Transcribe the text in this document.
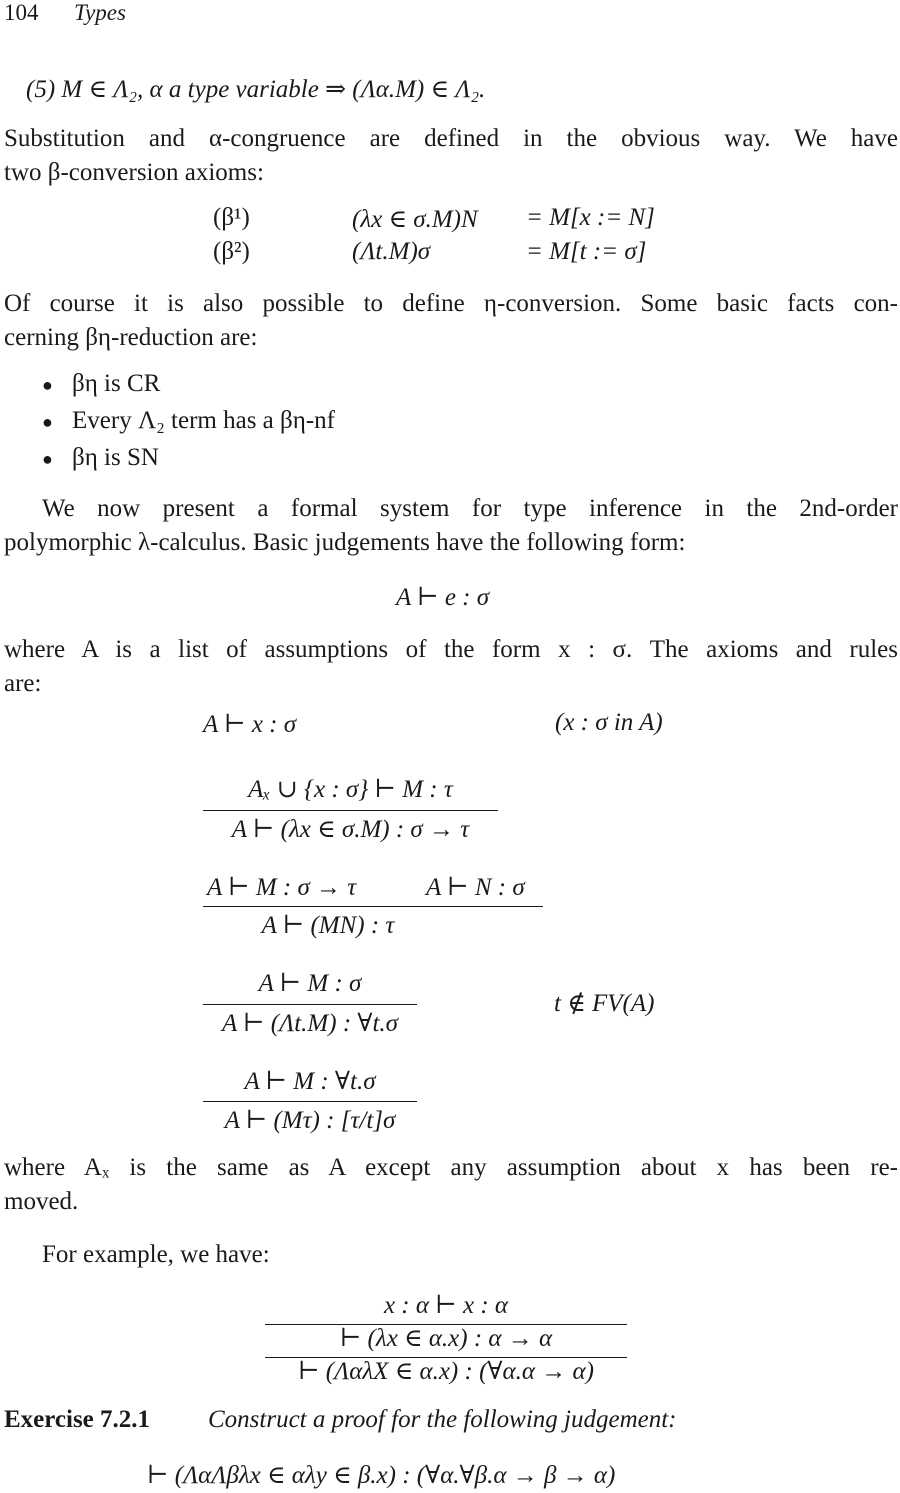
104 Types
(5) M ∈ Λ₂, α a type variable ⇒ (Λα.M) ∈ Λ₂.
Substitution and α-congruence are defined in the obvious way. We have
two β-conversion axioms:
(β¹)	(λx ∈ σ.M)N = M[x := N]
(β²)	(Λt.M)σ	= M[t := σ]
Of course it is also possible to define η-conversion. Some basic facts con-
cerning βη-reduction are:
● βη is CR
● Every Λ₂ term has a βη-nf
● βη is SN
We now present a formal system for type inference in the 2nd-order
polymorphic λ-calculus. Basic judgements have the following form:
A ⊢ e : σ
where A is a list of assumptions of the form x : σ. The axioms and rules
are:
A ⊢ x : σ	(x : σ in A)
Aₓ ∪ {x : σ} ⊢ M : τ
A ⊢ (λx ∈ σ.M) : σ → τ
A ⊢ M : σ → τ	A ⊢ N : σ
A ⊢ (MN) : τ
A ⊢ M : σ
A ⊢ (Λt.M) : ∀t.σ
t ∉ FV(A)
A ⊢ M : ∀t.σ
A ⊢ (Mτ) : [τ/t]σ
where Aₓ is the same as A except any assumption about x has been re-
moved.
For example, we have:
x : α ⊢ x : α
⊢ (λx ∈ α.x) : α → α
⊢ (ΛαλX ∈ α.x) : (∀α.α → α)
Exercise 7.2.1 Construct a proof for the following judgement:
⊢ (ΛαΛβλx ∈ αλy ∈ β.x) : (∀α.∀β.α → β → α)
